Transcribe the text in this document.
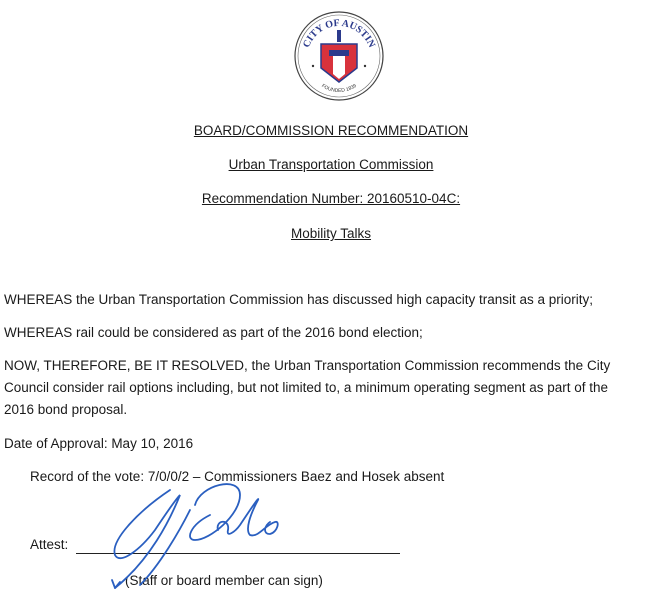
CITY OF AUSTIN
FOUNDED 1839
BOARD/COMMISSION RECOMMENDATION
Urban Transportation Commission
Recommendation Number: 20160510-04C:
Mobility Talks
WHEREAS the Urban Transportation Commission has discussed high capacity transit as a priority;
WHEREAS rail could be considered as part of the 2016 bond election;
NOW, THEREFORE, BE IT RESOLVED, the Urban Transportation Commission recommends the City
Council consider rail options including, but not limited to, a minimum operating segment as part of the
2016 bond proposal.
Date of Approval: May 10, 2016
Record of the vote: 7/0/0/2 – Commissioners Baez and Hosek absent
Attest:
(Staff or board member can sign)
